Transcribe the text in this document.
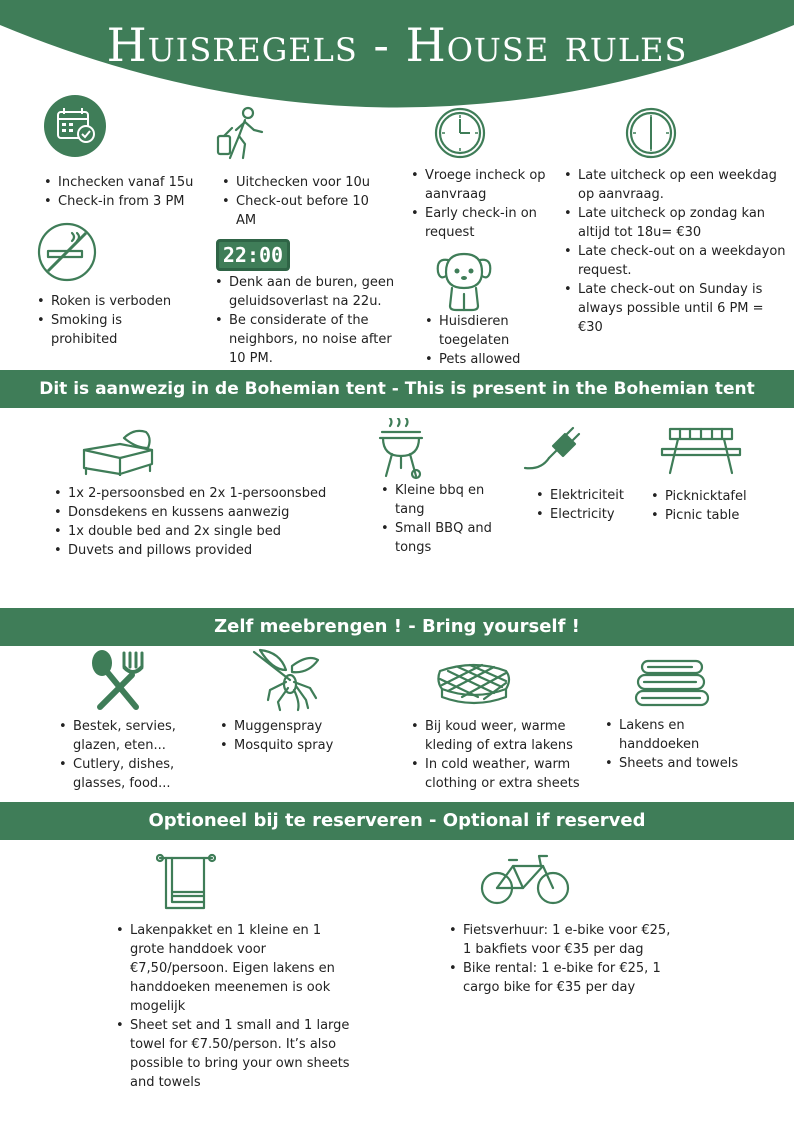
Huisregels - House rules
• Inchecken vanaf 15u
• Check-in from 3 PM
• Uitchecken voor 10u
• Check-out before 10 AM
• Vroege incheck op aanvraag
• Early check-in on request
• Late uitcheck op een weekdag op aanvraag.
• Late uitcheck op zondag kan altijd tot 18u= €30
• Late check-out on a weekdayon request.
• Late check-out on Sunday is always possible until 6 PM = €30
22:00
• Roken is verboden
• Smoking is prohibited
• Denk aan de buren, geen geluidsoverlast na 22u.
• Be considerate of the neighbors, no noise after 10 PM.
• Huisdieren toegelaten
• Pets allowed
Dit is aanwezig in de Bohemian tent - This is present in the Bohemian tent
• 1x 2-persoonsbed en 2x 1-persoonsbed
• Donsdekens en kussens aanwezig
• 1x double bed and 2x single bed
• Duvets and pillows provided
• Kleine bbq en tang
• Small BBQ and tongs
• Elektriciteit
• Electricity
• Picknicktafel
• Picnic table
Zelf meebrengen ! - Bring yourself !
• Bestek, servies, glazen, eten...
• Cutlery, dishes, glasses, food...
• Muggenspray
• Mosquito spray
• Bij koud weer, warme kleding of extra lakens
• In cold weather, warm clothing or extra sheets
• Lakens en handdoeken
• Sheets and towels
Optioneel bij te reserveren - Optional if reserved
• Lakenpakket en 1 kleine en 1 grote handdoek voor €7,50/persoon. Eigen lakens en handdoeken meenemen is ook mogelijk
• Sheet set and 1 small and 1 large towel for €7.50/person. It’s also possible to bring your own sheets and towels
• Fietsverhuur: 1 e-bike voor €25, 1 bakfiets voor €35 per dag
• Bike rental: 1 e-bike for €25, 1 cargo bike for €35 per day
